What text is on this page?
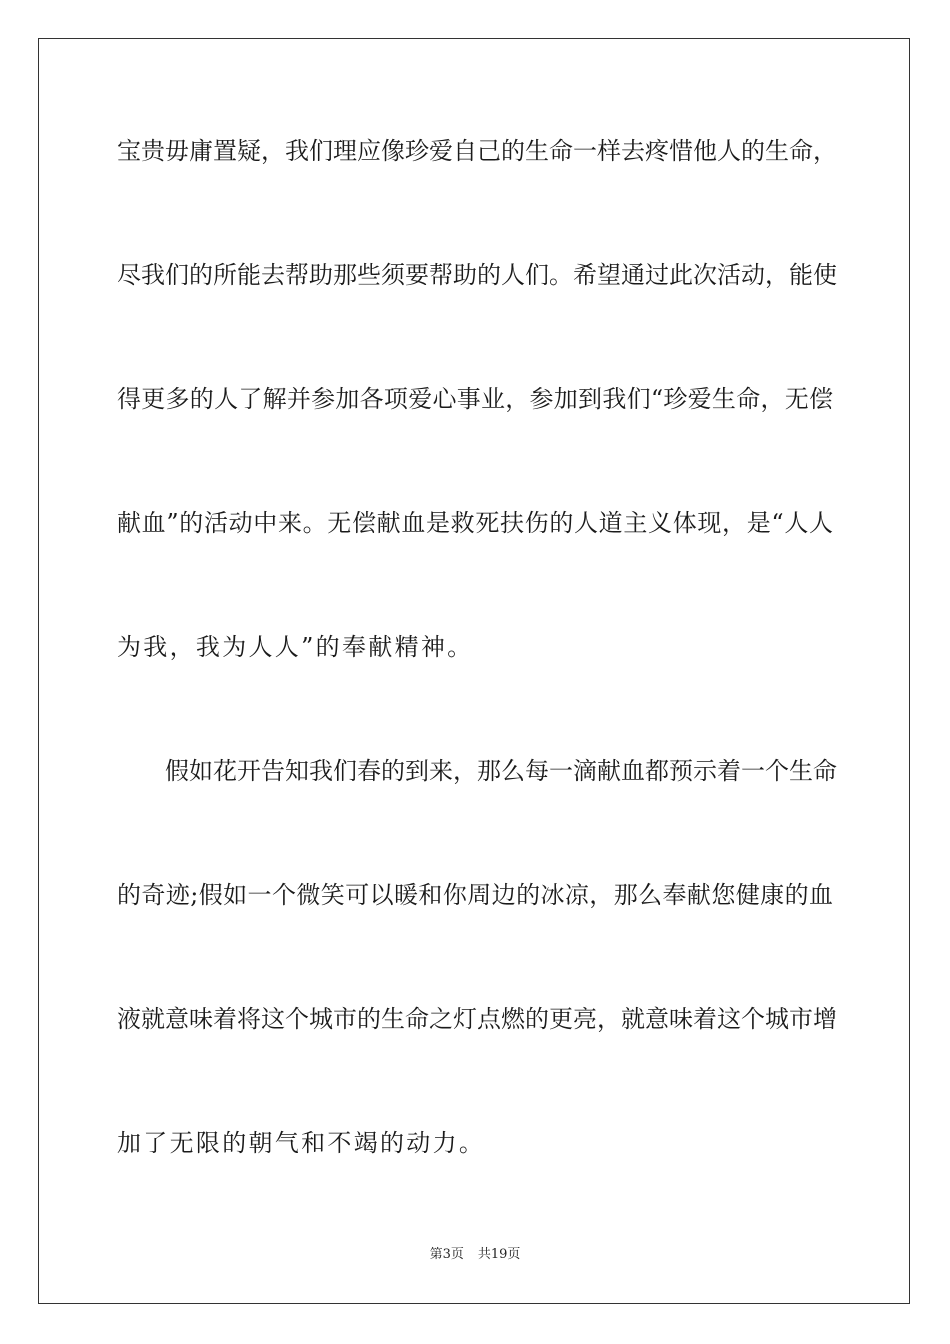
宝贵毋庸置疑，我们理应像珍爱自己的生命一样去疼惜他人的生命，
尽我们的所能去帮助那些须要帮助的人们。希望通过此次活动，能使
得更多的人了解并参加各项爱心事业，参加到我们“珍爱生命，无偿
献血”的活动中来。无偿献血是救死扶伤的人道主义体现，是“人人
为我，我为人人”的奉献精神。
假如花开告知我们春的到来，那么每一滴献血都预示着一个生命
的奇迹;假如一个微笑可以暖和你周边的冰凉，那么奉献您健康的血
液就意味着将这个城市的生命之灯点燃的更亮，就意味着这个城市增
加了无限的朝气和不竭的动力。
第3页 共19页
